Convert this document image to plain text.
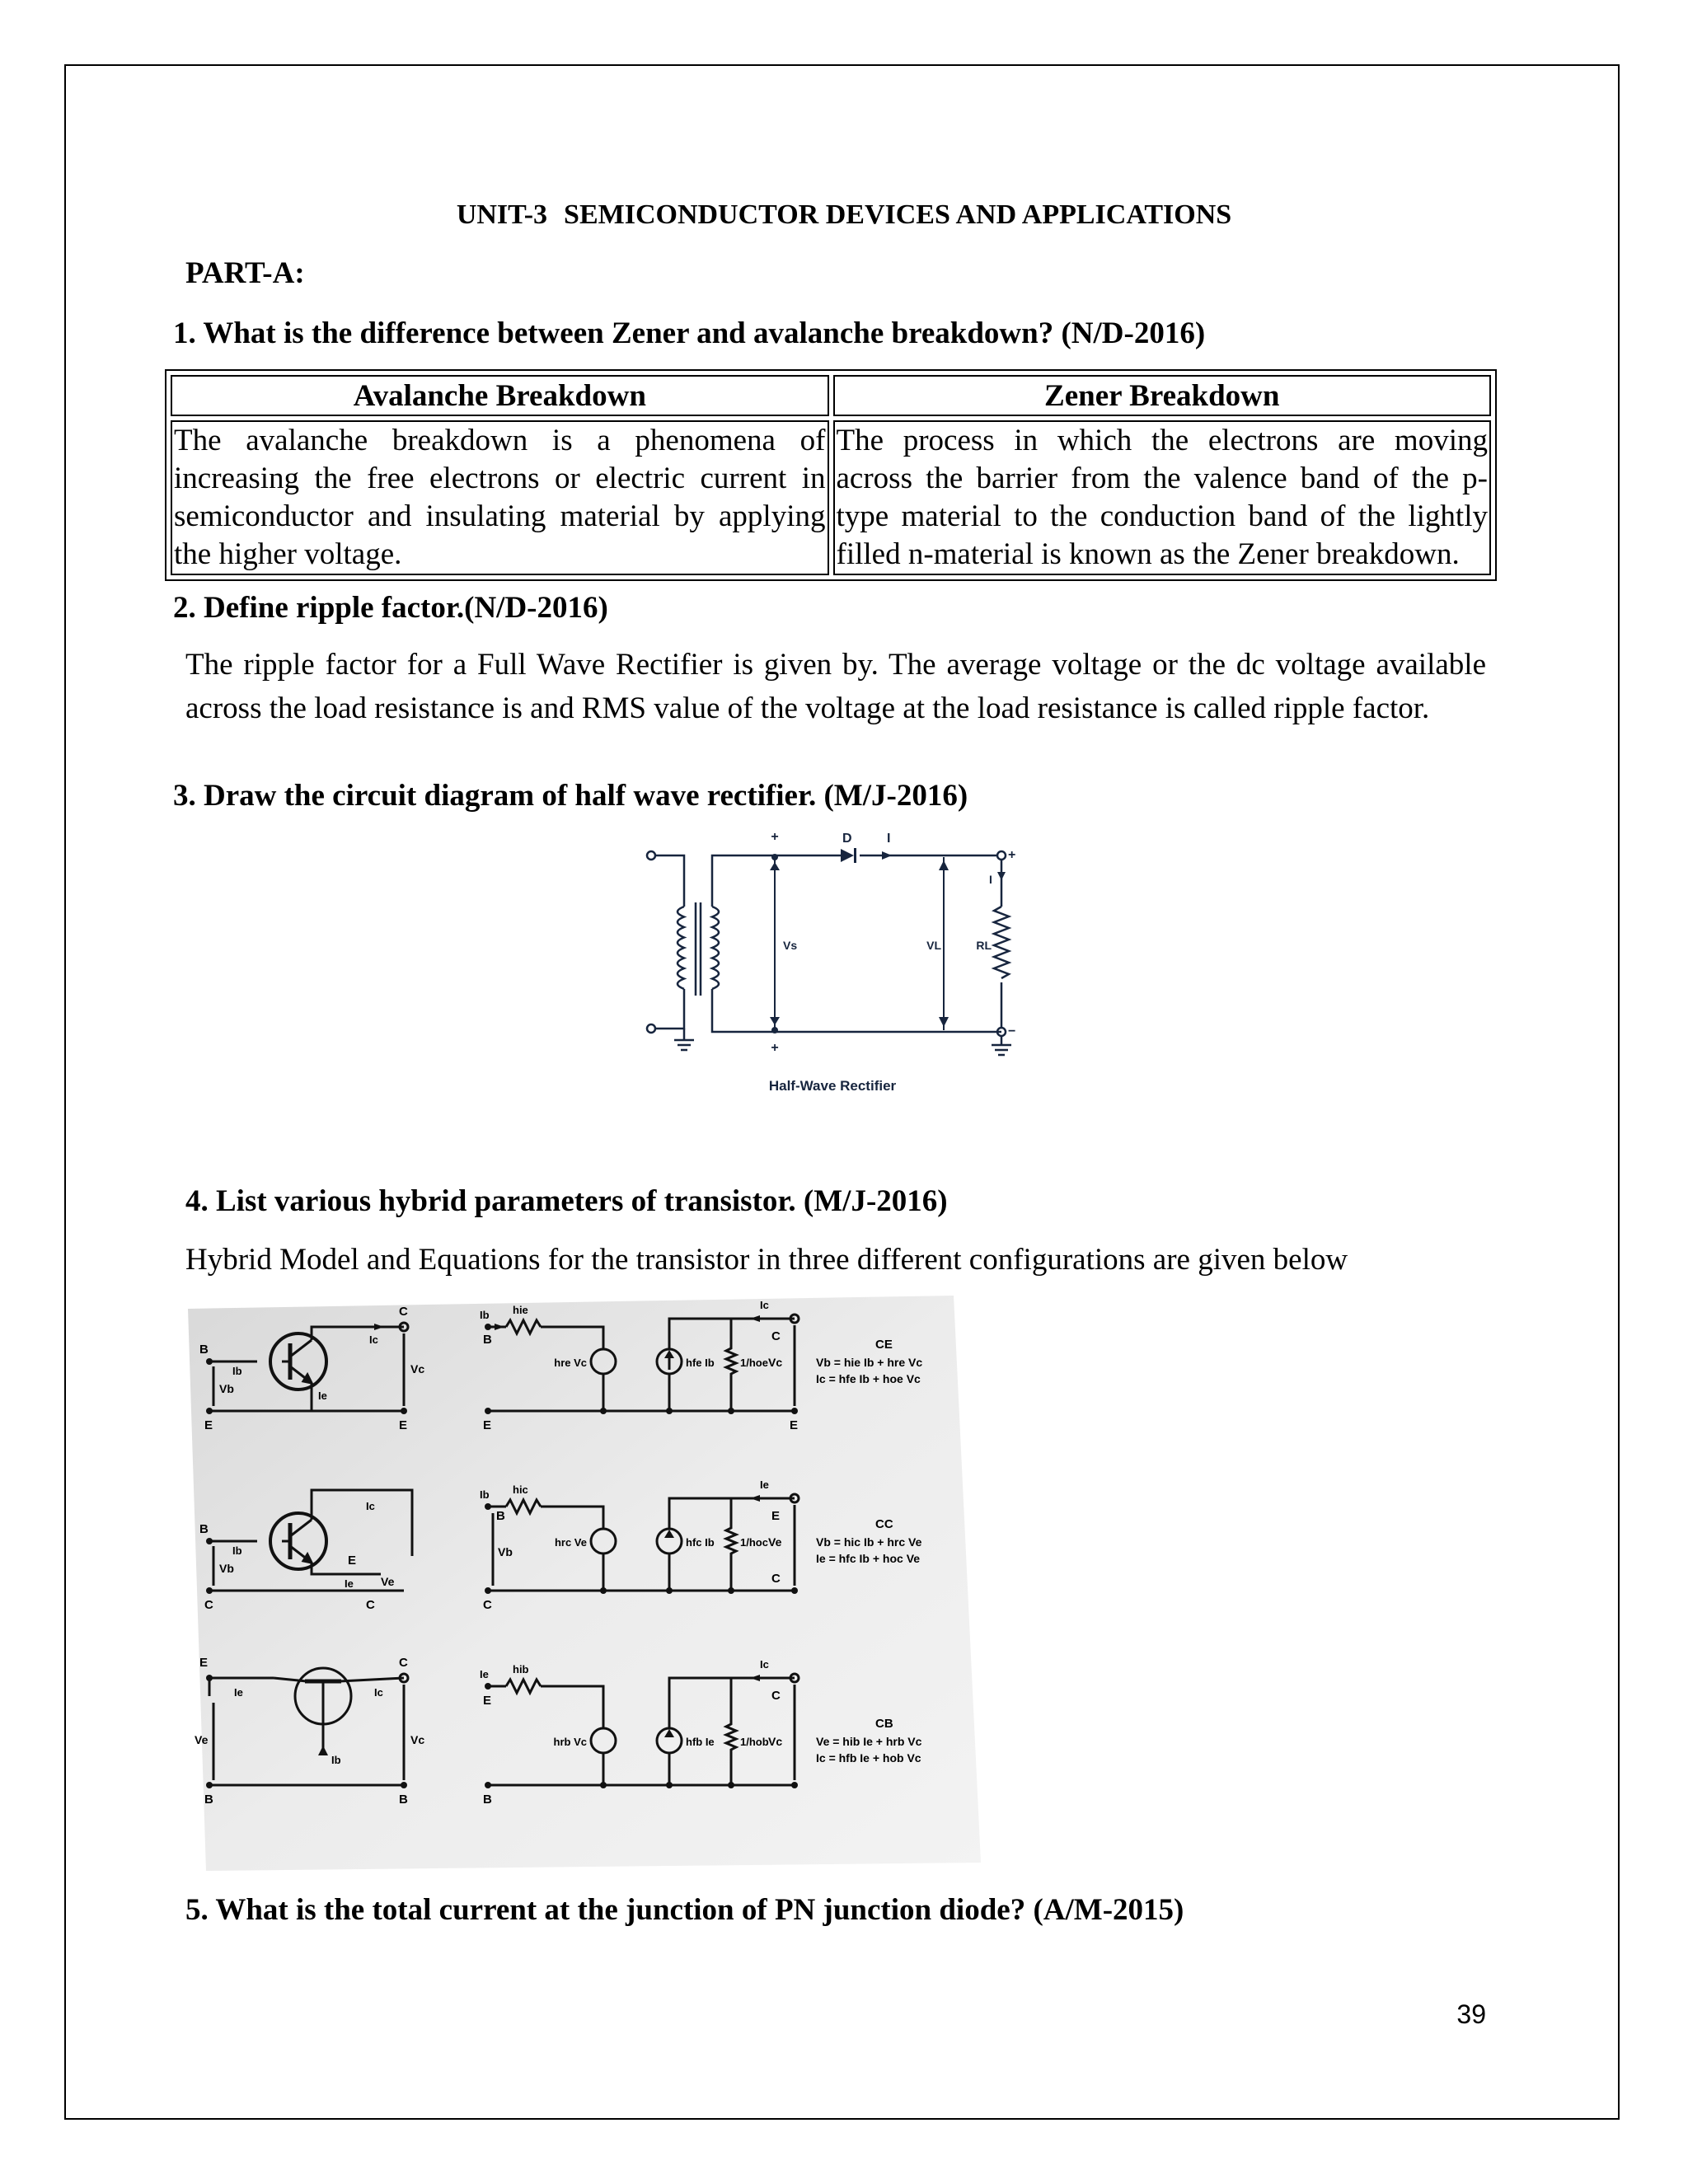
UNIT-3 SEMICONDUCTOR DEVICES AND APPLICATIONS
PART-A:
1. What is the difference between Zener and avalanche breakdown? (N/D-2016)
Avalanche Breakdown	Zener Breakdown
The avalanche breakdown is a phenomena of increasing the free electrons or electric current in semiconductor and insulating material by applying the higher voltage.	The process in which the electrons are moving across the barrier from the valence band of the p-type material to the conduction band of the lightly filled n-material is known as the Zener breakdown.
2. Define ripple factor.(N/D-2016)
The ripple factor for a Full Wave Rectifier is given by. The average voltage or the dc voltage available across the load resistance is and RMS value of the voltage at the load resistance is called ripple factor.
3. Draw the circuit diagram of half wave rectifier. (M/J-2016)
+
+
D	I
I
+
−
Vs	VL	RL
Half-Wave Rectifier
4. List various hybrid parameters of transistor. (M/J-2016)
Hybrid Model and Equations for the transistor in three different configurations are given below
B
C
E	E
Vb
Vc
Ib
Ic
Ie
Ib
B
E
hie
hre Vc	hfe Ib 1/hoe
Ic
C
Vc
E
CE
Vb = hie Ib + hre Vc
Ic = hfe Ib + hoe Vc
B
C	C
E
Vb
Ve
Ib
Ic
Ie
Ib
B
C
Vb
hic
hrc Ve	hfc Ib 1/hoc
Ie
E
Ve
C
CC
Vb = hic Ib + hrc Ve
Ie = hfc Ib + hoc Ve
E	C
B	B
Ve	Vc
Ie	Ic
Ib
Ie
E
B
hib
hrb Vc	hfb Ie 1/hob
Ic
C
Vc
CB
Ve = hib Ie + hrb Vc
Ic = hfb Ie + hob Vc
5. What is the total current at the junction of PN junction diode? (A/M-2015)
39
